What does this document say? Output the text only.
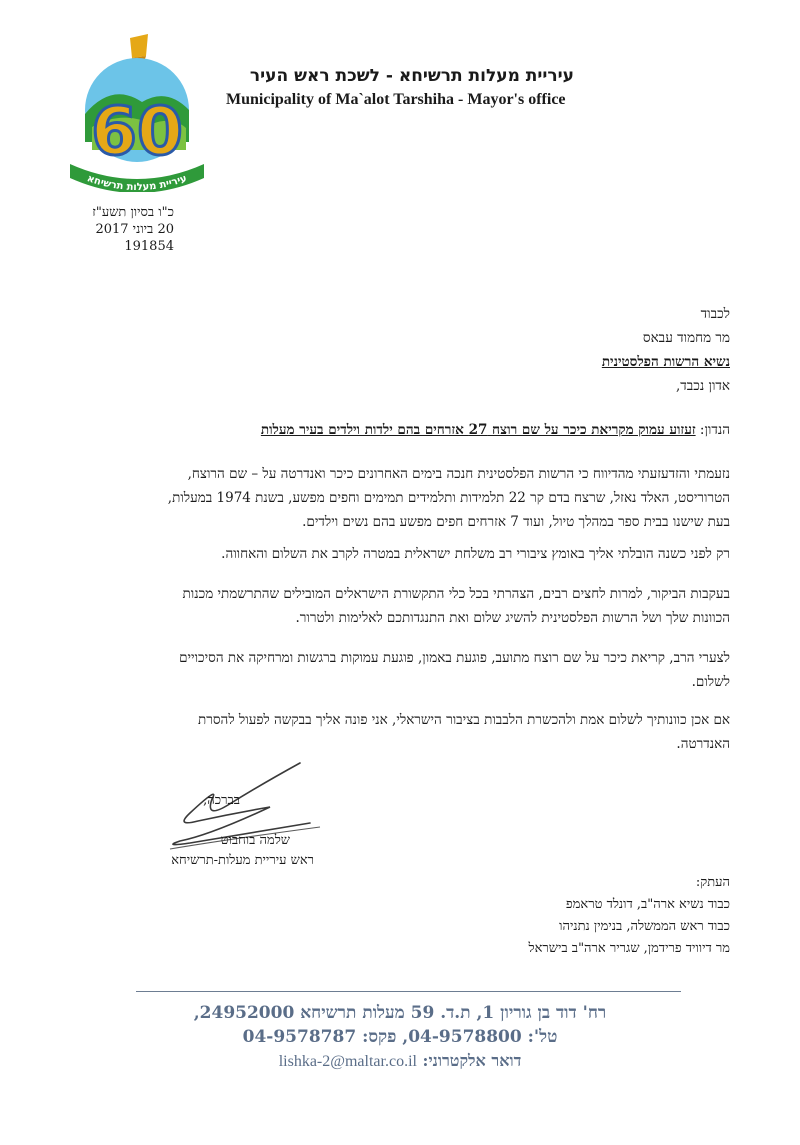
60
עיריית מעלות תרשיחא
עיריית מעלות תרשיחא - לשכת ראש העיר
Municipality of Ma`alot Tarshiha - Mayor's office
כ"ו בסיון תשע"ז
20 ביוני 2017
191854
לכבוד
מר מחמוד עבאס
נשיא הרשות הפלסטינית
אדון נכבד,
הנדון: זעזוע עמוק מקריאת כיכר על שם רוצח 27 אזרחים בהם ילדות וילדים בעיר מעלות
נזעמתי והזדעזעתי מהדיווח כי הרשות הפלסטינית חנכה בימים האחרונים כיכר ואנדרטה על – שם הרוצח,
הטרוריסט, האלד נאזל, שרצח בדם קר 22 תלמידות ותלמידים תמימים וחפים מפשע, בשנת 1974 במעלות,
בעת שישנו בבית ספר במהלך טיול, ועוד 7 אזרחים חפים מפשע בהם נשים וילדים.
רק לפני כשנה הובלתי אליך באומץ ציבורי רב משלחת ישראלית במטרה לקרב את השלום והאחווה.
בעקבות הביקור, למרות לחצים רבים, הצהרתי בכל כלי התקשורת הישראלים המובילים שהתרשמתי מכנות
הכוונות שלך ושל הרשות הפלסטינית להשיג שלום ואת התנגדותכם לאלימות ולטרור.
לצערי הרב, קריאת כיכר על שם רוצח מתועב, פוגעת באמון, פוגעת עמוקות ברגשות ומרחיקה את הסיכויים
לשלום.
אם אכן כוונותיך לשלום אמת ולהכשרת הלבבות בציבור הישראלי, אני פונה אליך בבקשה לפעול להסרת
האנדרטה.
בברכה,
שלמה בוחבוט
ראש עיריית מעלות-תרשיחא
העתק:
כבוד נשיא ארה"ב, דונלד טראמפ
כבוד ראש הממשלה, בנימין נתניהו
מר דיוויד פרידמן, שגריר ארה"ב בישראל
רח' דוד בן גוריון 1, ת.ד. 59 מעלות תרשיחא 24952000,
טל': 04-9578800, פקס: 04-9578787
דואר אלקטרוני: lishka-2@maltar.co.il
